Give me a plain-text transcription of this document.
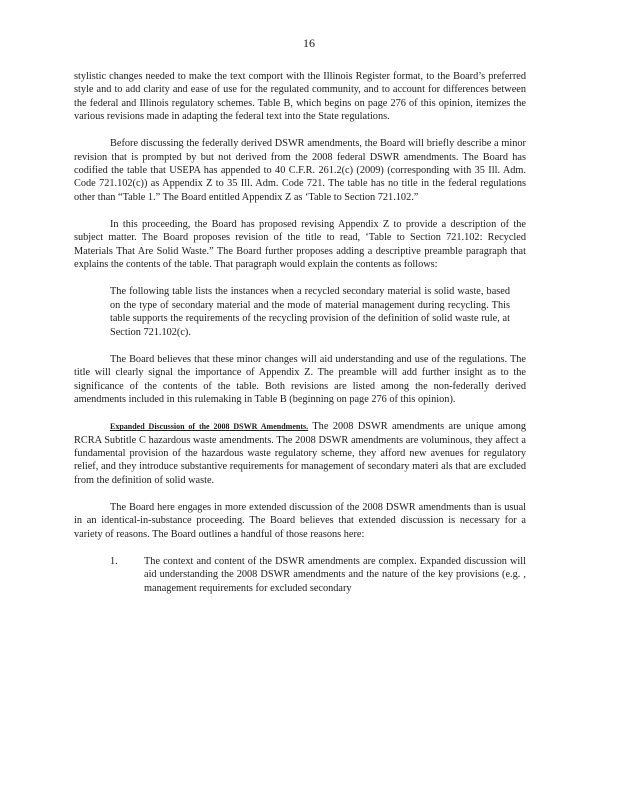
16

stylistic changes needed to make the text comport with the Illinois Register format, to the Board’s preferred style and to add clarity and ease of use for the regulated community, and to account for differences between the federal and Illinois regulatory schemes. Table B, which begins on page 276 of this opinion, itemizes the various revisions made in adapting the federal text into the State regulations.

Before discussing the federally derived DSWR amendments, the Board will briefly describe a minor revision that is prompted by but not derived from the 2008 federal DSWR amendments. The Board has codified the table that USEPA has appended to 40 C.F.R. 261.2(c) (2009) (corresponding with 35 Ill. Adm. Code 721.102(c)) as Appendix Z to 35 Ill. Adm. Code 721. The table has no title in the federal regulations other than “Table 1.” The Board entitled Appendix Z as ‘Table to Section 721.102.”

In this proceeding, the Board has proposed revising Appendix Z to provide a description of the subject matter. The Board proposes revision of the title to read, ‘Table to Section 721.102: Recycled Materials That Are Solid Waste.” The Board further proposes adding a descriptive preamble paragraph that explains the contents of the table. That paragraph would explain the contents as follows:

The following table lists the instances when a recycled secondary material is solid waste, based on the type of secondary material and the mode of material management during recycling. This table supports the requirements of the recycling provision of the definition of solid waste rule, at Section 721.102(c).

The Board believes that these minor changes will aid understanding and use of the regulations. The title will clearly signal the importance of Appendix Z. The preamble will add further insight as to the significance of the contents of the table. Both revisions are listed among the non-federally derived amendments included in this rulemaking in Table B (beginning on page 276 of this opinion).

Expanded Discussion of the 2008 DSWR Amendments. The 2008 DSWR amendments are unique among RCRA Subtitle C hazardous waste amendments. The 2008 DSWR amendments are voluminous, they affect a fundamental provision of the hazardous waste regulatory scheme, they afford new avenues for regulatory relief, and they introduce substantive requirements for management of secondary materi als that are excluded from the definition of solid waste.

The Board here engages in more extended discussion of the 2008 DSWR amendments than is usual in an identical-in-substance proceeding. The Board believes that extended discussion is necessary for a variety of reasons. The Board outlines a handful of those reasons here:

1.	The context and content of the DSWR amendments are complex. Expanded discussion will aid understanding the 2008 DSWR amendments and the nature of the key provisions (e.g. , management requirements for excluded secondary
